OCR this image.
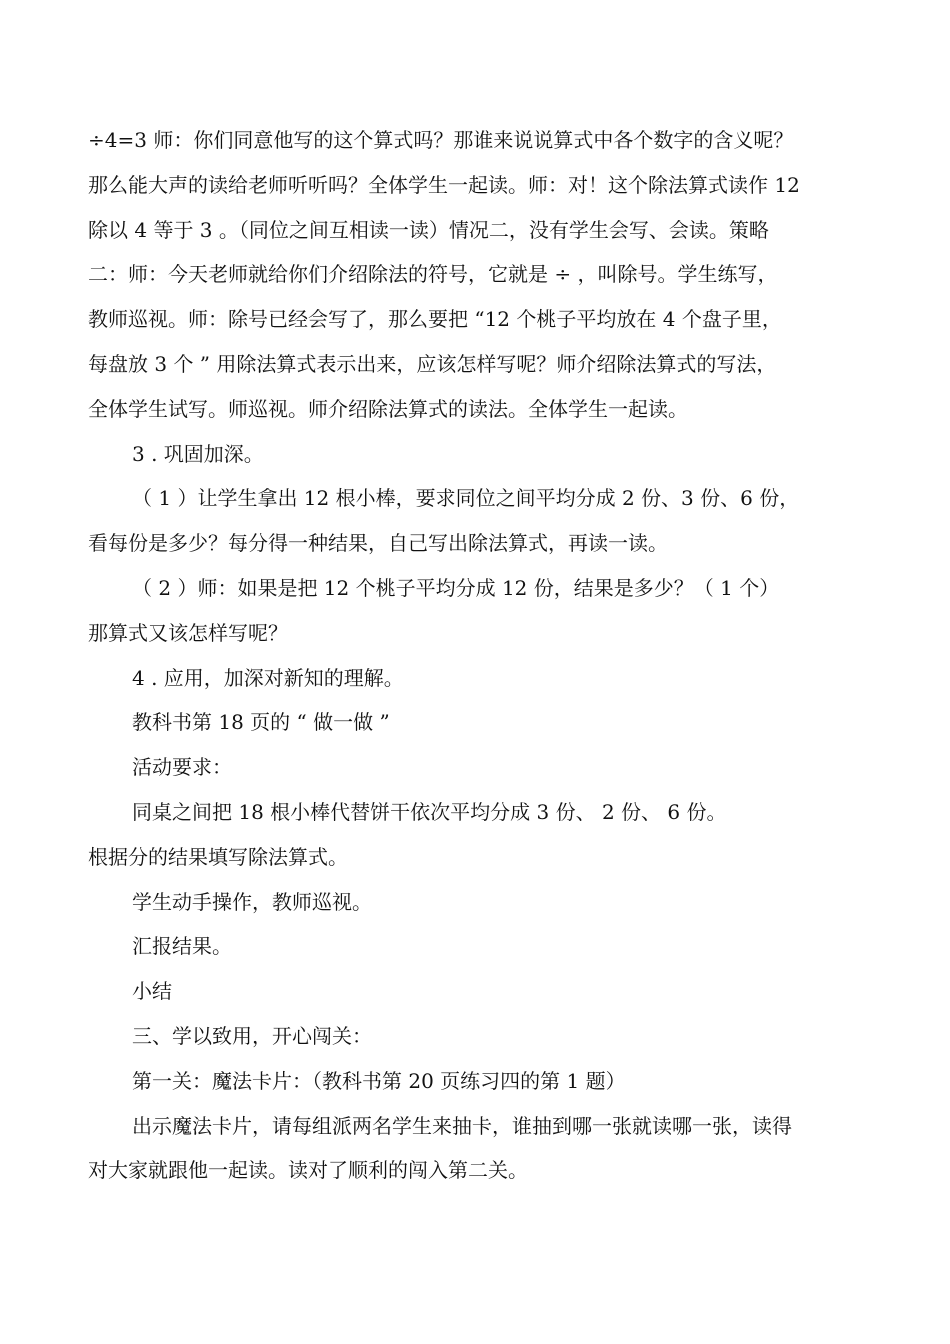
÷4=3 师：你们同意他写的这个算式吗？那谁来说说算式中各个数字的含义呢？
那么能大声的读给老师听听吗？全体学生一起读。师：对！这个除法算式读作 12
除以 4 等于 3 。（同位之间互相读一读）情况二，没有学生会写、会读。策略
二：师：今天老师就给你们介绍除法的符号，它就是 ÷ ，叫除号。学生练写，
教师巡视。师：除号已经会写了，那么要把 “12 个桃子平均放在 4 个盘子里，
每盘放 3 个 ” 用除法算式表示出来，应该怎样写呢？师介绍除法算式的写法，
全体学生试写。师巡视。师介绍除法算式的读法。全体学生一起读。
3 . 巩固加深。
（ 1 ）让学生拿出 12 根小棒，要求同位之间平均分成 2 份、3 份、6 份，
看每份是多少？每分得一种结果，自己写出除法算式，再读一读。
（ 2 ）师：如果是把 12 个桃子平均分成 12 份，结果是多少？（ 1 个）
那算式又该怎样写呢？
4 . 应用，加深对新知的理解。
教科书第 18 页的 “ 做一做 ”
活动要求：
同桌之间把 18 根小棒代替饼干依次平均分成 3 份、 2 份、 6 份。
根据分的结果填写除法算式。
学生动手操作，教师巡视。
汇报结果。
小结
三、学以致用，开心闯关：
第一关：魔法卡片：（教科书第 20 页练习四的第 1 题）
出示魔法卡片，请每组派两名学生来抽卡，谁抽到哪一张就读哪一张，读得
对大家就跟他一起读。读对了顺利的闯入第二关。
